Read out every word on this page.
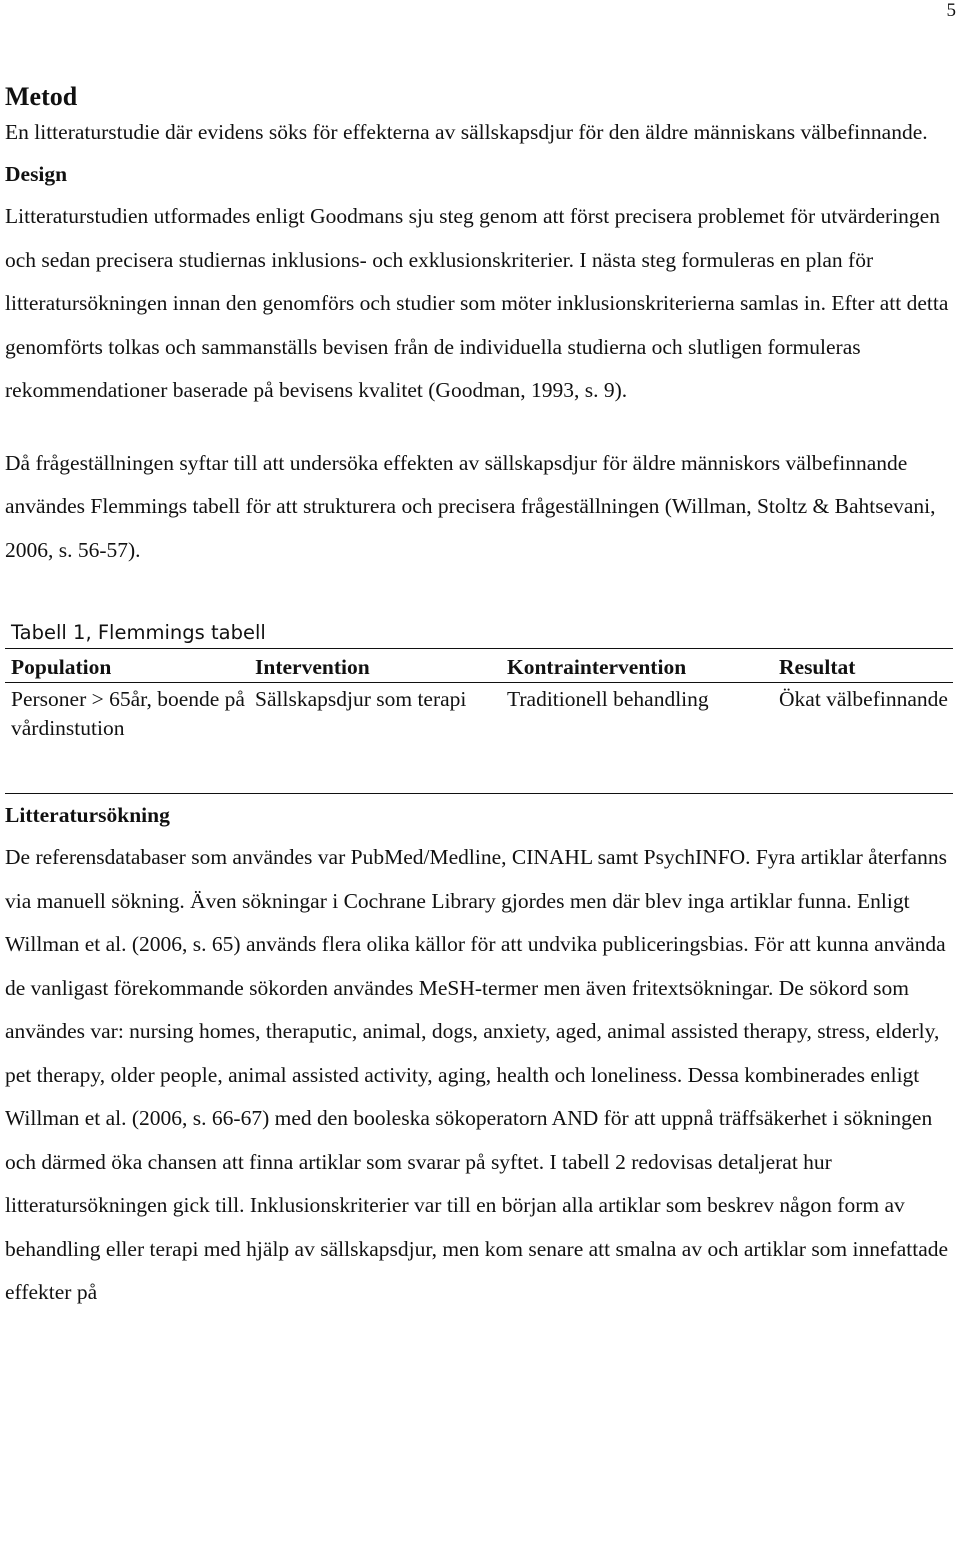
5
Metod

En litteraturstudie där evidens söks för effekterna av sällskapsdjur för den äldre människans välbefinnande.

Design

Litteraturstudien utformades enligt Goodmans sju steg genom att först precisera problemet för utvärderingen och sedan precisera studiernas inklusions- och exklusionskriterier. I nästa steg formuleras en plan för litteratursökningen innan den genomförs och studier som möter inklusionskriterierna samlas in. Efter att detta genomförts tolkas och sammanställs bevisen från de individuella studierna och slutligen formuleras rekommendationer baserade på bevisens kvalitet (Goodman, 1993, s. 9).

Då frågeställningen syftar till att undersöka effekten av sällskapsdjur för äldre människors välbefinnande användes Flemmings tabell för att strukturera och precisera frågeställningen (Willman, Stoltz & Bahtsevani, 2006, s. 56-57).

Tabell 1, Flemmings tabell
Population	Intervention	Kontraintervention	Resultat
Personer > 65år, boende på vårdinstution	Sällskapsdjur som terapi	Traditionell behandling	Ökat välbefinnande
Litteratursökning

De referensdatabaser som användes var PubMed/Medline, CINAHL samt PsychINFO. Fyra artiklar återfanns via manuell sökning. Även sökningar i Cochrane Library gjordes men där blev inga artiklar funna. Enligt Willman et al. (2006, s. 65) används flera olika källor för att undvika publiceringsbias. För att kunna använda de vanligast förekommande sökorden användes MeSH-termer men även fritextsökningar. De sökord som användes var: nursing homes, theraputic, animal, dogs, anxiety, aged, animal assisted therapy, stress, elderly, pet therapy, older people, animal assisted activity, aging, health och loneliness. Dessa kombinerades enligt Willman et al. (2006, s. 66-67) med den booleska sökoperatorn AND för att uppnå träffsäkerhet i sökningen och därmed öka chansen att finna artiklar som svarar på syftet. I tabell 2 redovisas detaljerat hur litteratursökningen gick till. Inklusionskriterier var till en början alla artiklar som beskrev någon form av behandling eller terapi med hjälp av sällskapsdjur, men kom senare att smalna av och artiklar som innefattade effekter på
